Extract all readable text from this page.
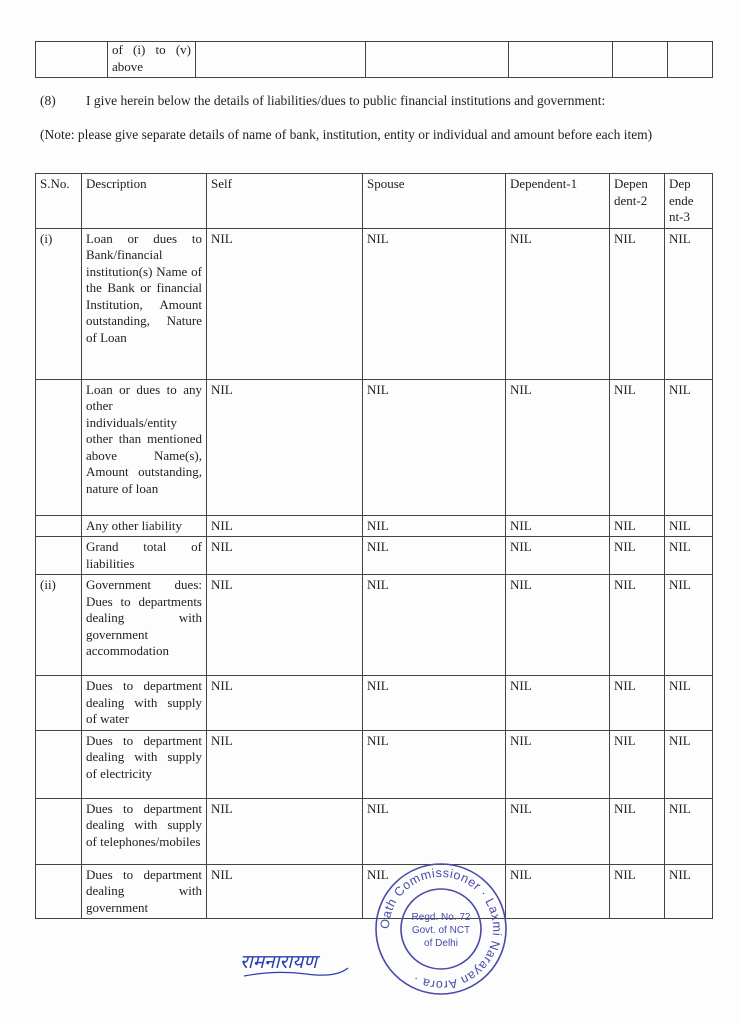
	of (i) to (v) above					
(8) I give herein below the details of liabilities/dues to public financial institutions and government:
(Note: please give separate details of name of bank, institution, entity or individual and amount before each item)
S.No.	Description	Self	Spouse	Dependent-1	Depen dent-2	Dep ende nt-3
(i)	Loan or dues to Bank/financial institution(s) Name of the Bank or financial Institution, Amount outstanding, Nature of Loan	NIL	NIL	NIL	NIL	NIL
	Loan or dues to any other individuals/entity other than mentioned above Name(s), Amount outstanding, nature of loan	NIL	NIL	NIL	NIL	NIL
	Any other liability	NIL	NIL	NIL	NIL	NIL
	Grand total of liabilities	NIL	NIL	NIL	NIL	NIL
(ii)	Government dues: Dues to departments dealing with government accommodation	NIL	NIL	NIL	NIL	NIL
	Dues to department dealing with supply of water	NIL	NIL	NIL	NIL	NIL
	Dues to department dealing with supply of electricity	NIL	NIL	NIL	NIL	NIL
	Dues to department dealing with supply of telephones/mobiles	NIL	NIL	NIL	NIL	NIL
	Dues to department dealing with government	NIL	NIL	NIL	NIL	NIL
रामनारायण
Oath Commissioner · Laxmi Narayan Arora ·
Regd. No. 72
Govt. of NCT
of Delhi
